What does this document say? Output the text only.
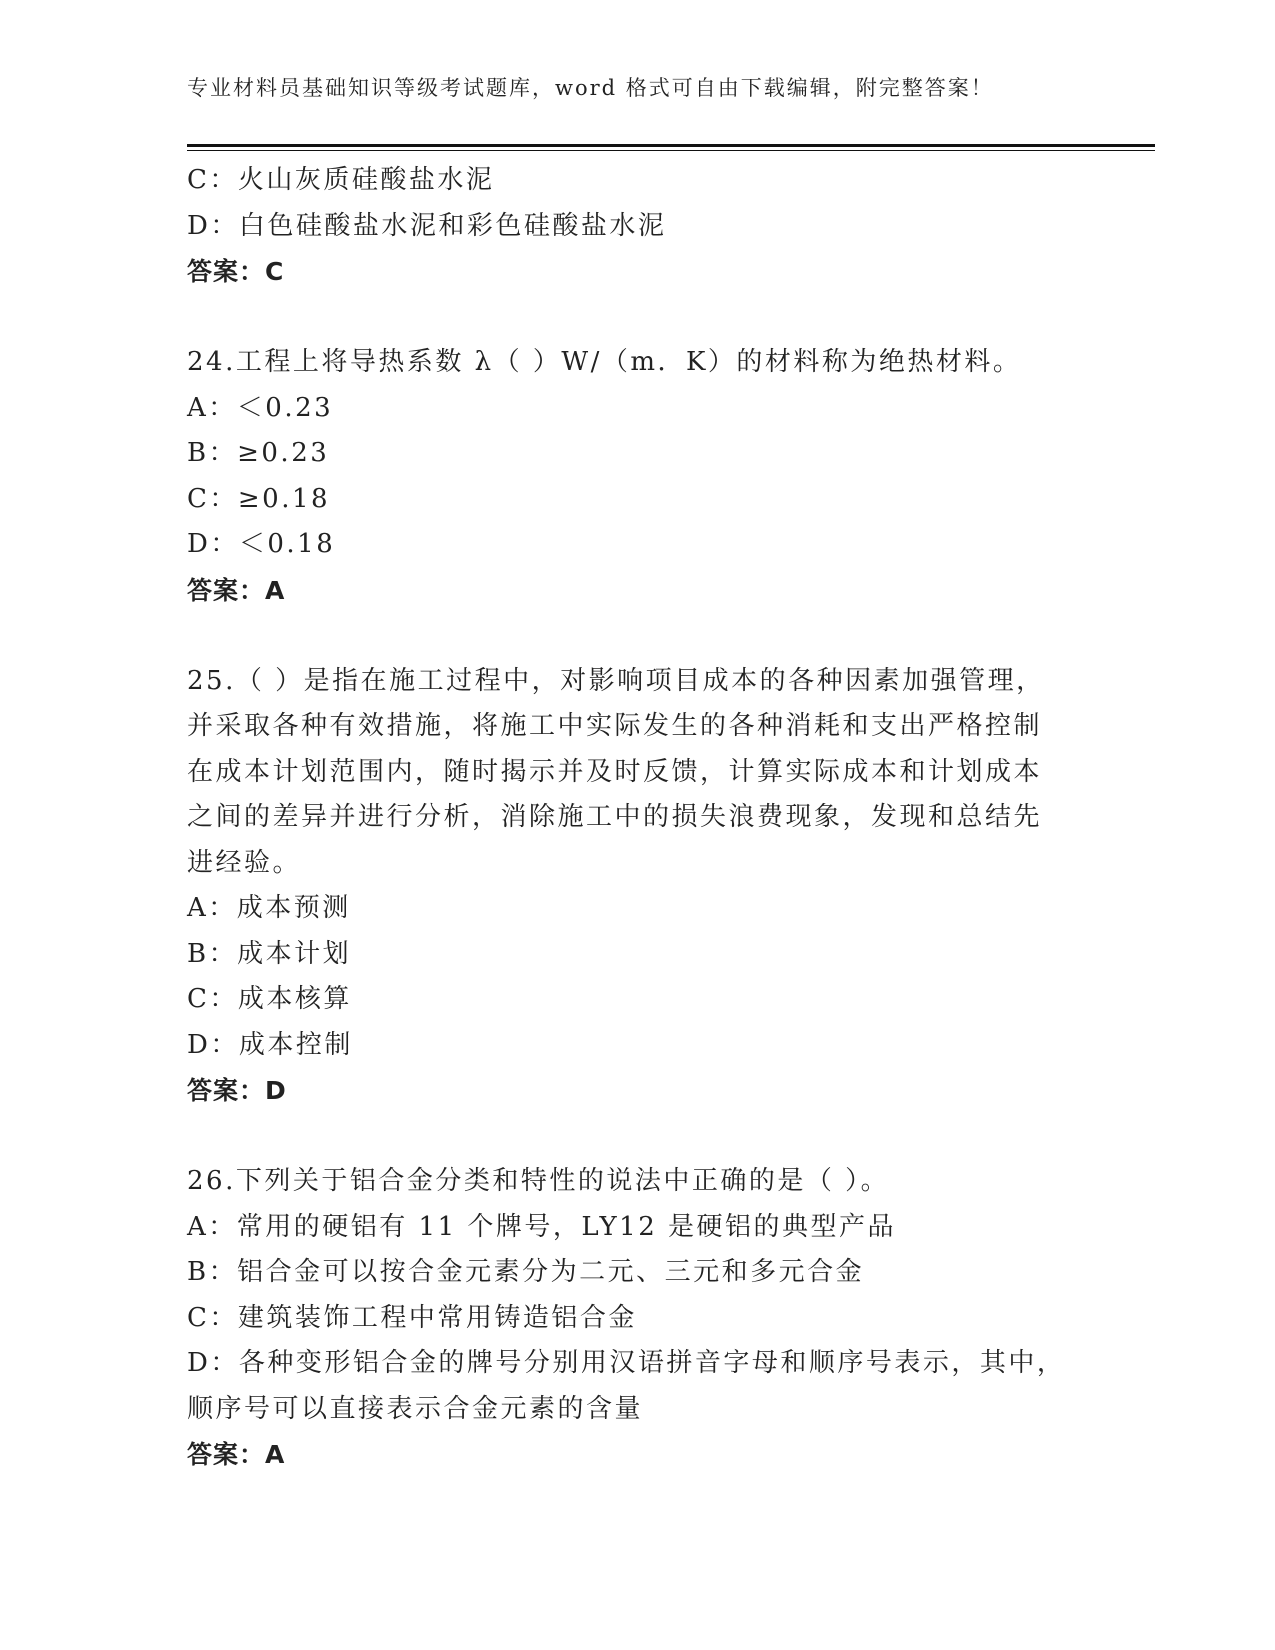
专业材料员基础知识等级考试题库，word 格式可自由下载编辑，附完整答案！
C：火山灰质硅酸盐水泥
D：白色硅酸盐水泥和彩色硅酸盐水泥
答案：C
24.工程上将导热系数 λ（ ）W/（m．K）的材料称为绝热材料。
A：＜0.23
B：≥0.23
C：≥0.18
D：＜0.18
答案：A
25.（ ）是指在施工过程中，对影响项目成本的各种因素加强管理，
并采取各种有效措施，将施工中实际发生的各种消耗和支出严格控制
在成本计划范围内，随时揭示并及时反馈，计算实际成本和计划成本
之间的差异并进行分析，消除施工中的损失浪费现象，发现和总结先
进经验。
A：成本预测
B：成本计划
C：成本核算
D：成本控制
答案：D
26.下列关于铝合金分类和特性的说法中正确的是（ ）。
A：常用的硬铝有 11 个牌号，LY12 是硬铝的典型产品
B：铝合金可以按合金元素分为二元、三元和多元合金
C：建筑装饰工程中常用铸造铝合金
D：各种变形铝合金的牌号分别用汉语拼音字母和顺序号表示，其中，
顺序号可以直接表示合金元素的含量
答案：A
